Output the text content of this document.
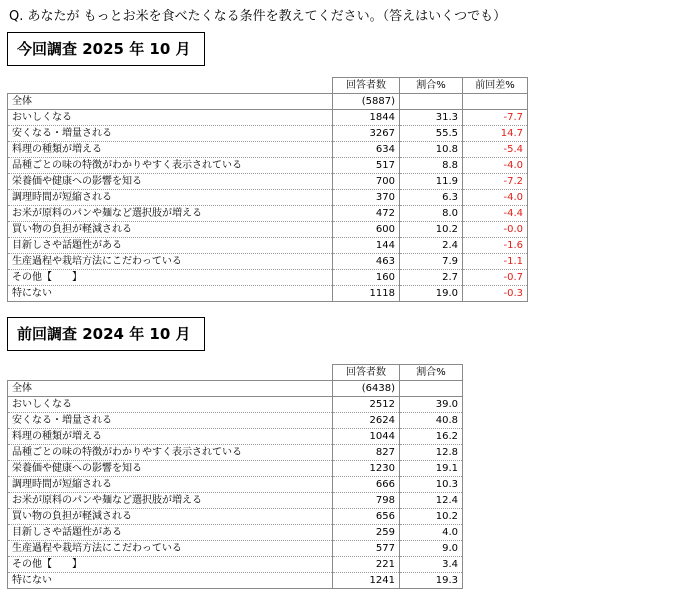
Q. あなたが もっとお米を食べたくなる条件を教えてください。（答えはいくつでも）
今回調査 2025 年 10 月
	回答者数	割合%	前回差%
全体	(5887)		
おいしくなる	1844	31.3	-7.7
安くなる・増量される	3267	55.5	14.7
料理の種類が増える	634	10.8	-5.4
品種ごとの味の特徴がわかりやすく表示されている	517	8.8	-4.0
栄養価や健康への影響を知る	700	11.9	-7.2
調理時間が短縮される	370	6.3	-4.0
お米が原料のパンや麺など選択肢が増える	472	8.0	-4.4
買い物の負担が軽減される	600	10.2	-0.0
目新しさや話題性がある	144	2.4	-1.6
生産過程や栽培方法にこだわっている	463	7.9	-1.1
その他【　　】	160	2.7	-0.7
特にない	1118	19.0	-0.3
前回調査 2024 年 10 月
	回答者数	割合%
全体	(6438)	
おいしくなる	2512	39.0
安くなる・増量される	2624	40.8
料理の種類が増える	1044	16.2
品種ごとの味の特徴がわかりやすく表示されている	827	12.8
栄養価や健康への影響を知る	1230	19.1
調理時間が短縮される	666	10.3
お米が原料のパンや麺など選択肢が増える	798	12.4
買い物の負担が軽減される	656	10.2
目新しさや話題性がある	259	4.0
生産過程や栽培方法にこだわっている	577	9.0
その他【　　】	221	3.4
特にない	1241	19.3
